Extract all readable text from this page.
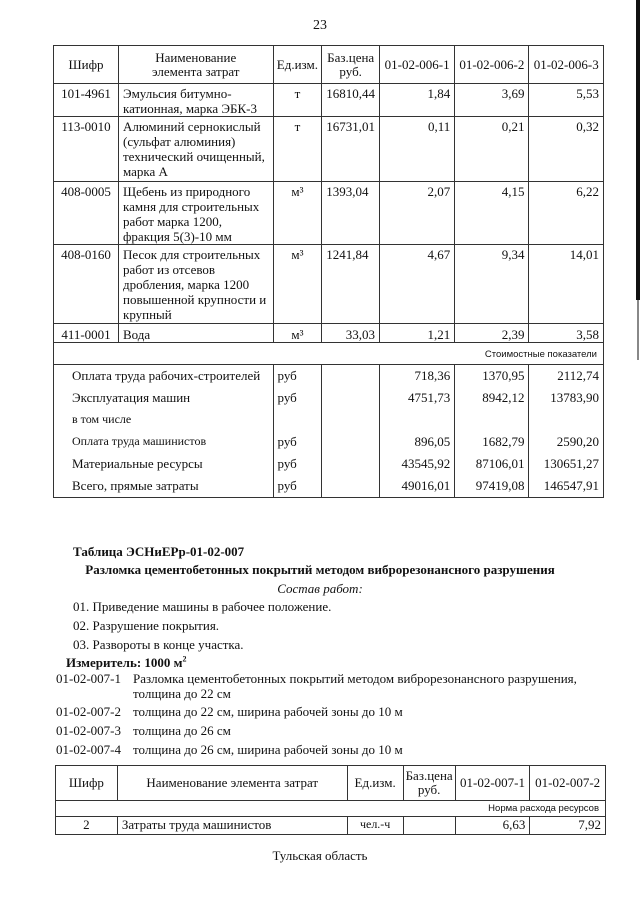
23
Шифр	Наименование элемента затрат	Ед.изм.	Баз.цена руб.	01-02-006-1	01-02-006-2	01-02-006-3
101-4961	Эмульсия битумно-катионная, марка ЭБК-3	т	16810,44	1,84	3,69	5,53
113-0010	Алюминий сернокислый (сульфат алюминия) технический очищенный, марка А	т	16731,01	0,11	0,21	0,32
408-0005	Щебень из природного камня для строительных работ марка 1200, фракция 5(3)-10 мм	м³	1393,04	2,07	4,15	6,22
408-0160	Песок для строительных работ из отсевов дробления, марка 1200 повышенной крупности и крупный	м³	1241,84	4,67	9,34	14,01
411-0001	Вода	м³	33,03	1,21	2,39	3,58
Стоимостные показатели						
Оплата труда рабочих-строителей		руб		718,36	1370,95	2112,74
Эксплуатация машин		руб		4751,73	8942,12	13783,90
в том числе						
Оплата труда машинистов		руб		896,05	1682,79	2590,20
Материальные ресурсы		руб		43545,92	87106,01	130651,27
Всего, прямые затраты		руб		49016,01	97419,08	146547,91
Таблица ЭСНиЕРр-01-02-007
Разломка цементобетонных покрытий методом виброрезонансного разрушения
Состав работ:
01. Приведение машины в рабочее положение.
02. Разрушение покрытия.
03. Развороты в конце участка.
Измеритель: 1000 $м^2$
01-02-007-1 Разломка цементобетонных покрытий методом виброрезонансного разрушения,
толщина до 22 см
01-02-007-2 толщина до 22 см, ширина рабочей зоны до 10 м
01-02-007-3 толщина до 26 см
01-02-007-4 толщина до 26 см, ширина рабочей зоны до 10 м
Шифр	Наименование элемента затрат	Ед.изм.	Баз.цена руб.	01-02-007-1	01-02-007-2
Норма расхода ресурсов					
2	Затраты труда машинистов	чел.-ч		6,63	7,92
Тульская область
